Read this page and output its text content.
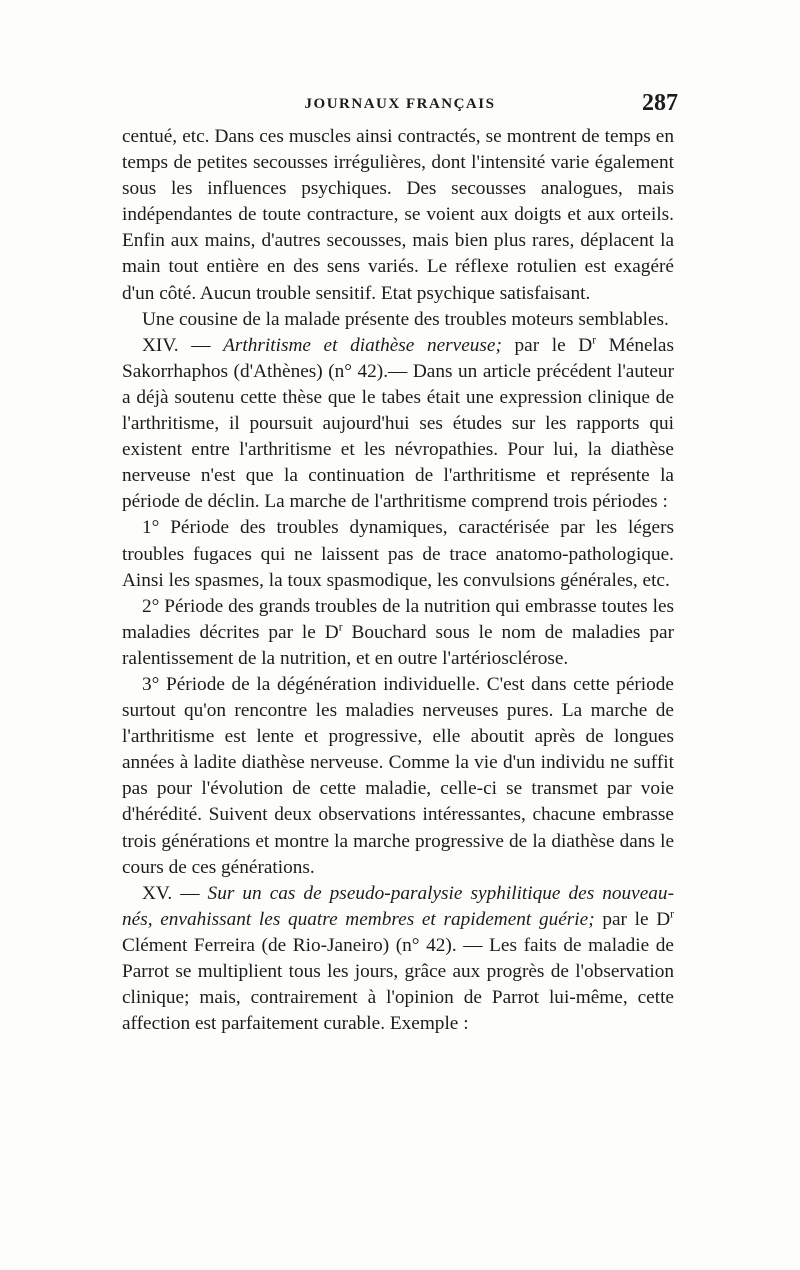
JOURNAUX FRANÇAIS	287

centué, etc. Dans ces muscles ainsi contractés, se montrent de temps en temps de petites secousses irrégulières, dont l'intensité varie également sous les influences psychiques. Des secousses analogues, mais indépendantes de toute contracture, se voient aux doigts et aux orteils. Enfin aux mains, d'autres secousses, mais bien plus rares, déplacent la main tout entière en des sens variés. Le réflexe rotulien est exagéré d'un côté. Aucun trouble sensitif. Etat psychique satisfaisant.

Une cousine de la malade présente des troubles moteurs semblables.

XIV. — Arthritisme et diathèse nerveuse; par le $D^r$ Ménelas Sakorrhaphos (d'Athènes) (n° 42).— Dans un article précédent l'auteur a déjà soutenu cette thèse que le tabes était une expression clinique de l'arthritisme, il poursuit aujourd'hui ses études sur les rapports qui existent entre l'arthritisme et les névropathies. Pour lui, la diathèse nerveuse n'est que la continuation de l'arthritisme et représente la période de déclin. La marche de l'arthritisme comprend trois périodes :

1° Période des troubles dynamiques, caractérisée par les légers troubles fugaces qui ne laissent pas de trace anatomo-pathologique. Ainsi les spasmes, la toux spasmodique, les convulsions générales, etc.

2° Période des grands troubles de la nutrition qui embrasse toutes les maladies décrites par le $D^r$ Bouchard sous le nom de maladies par ralentissement de la nutrition, et en outre l'artériosclérose.

3° Période de la dégénération individuelle. C'est dans cette période surtout qu'on rencontre les maladies nerveuses pures. La marche de l'arthritisme est lente et progressive, elle aboutit après de longues années à ladite diathèse nerveuse. Comme la vie d'un individu ne suffit pas pour l'évolution de cette maladie, celle-ci se transmet par voie d'hérédité. Suivent deux observations intéressantes, chacune embrasse trois générations et montre la marche progressive de la diathèse dans le cours de ces générations.

XV. — Sur un cas de pseudo-paralysie syphilitique des nouveau-nés, envahissant les quatre membres et rapidement guérie; par le $D^r$ Clément Ferreira (de Rio-Janeiro) (n° 42). — Les faits de maladie de Parrot se multiplient tous les jours, grâce aux progrès de l'observation clinique; mais, contrairement à l'opinion de Parrot lui-même, cette affection est parfaitement curable. Exemple :
